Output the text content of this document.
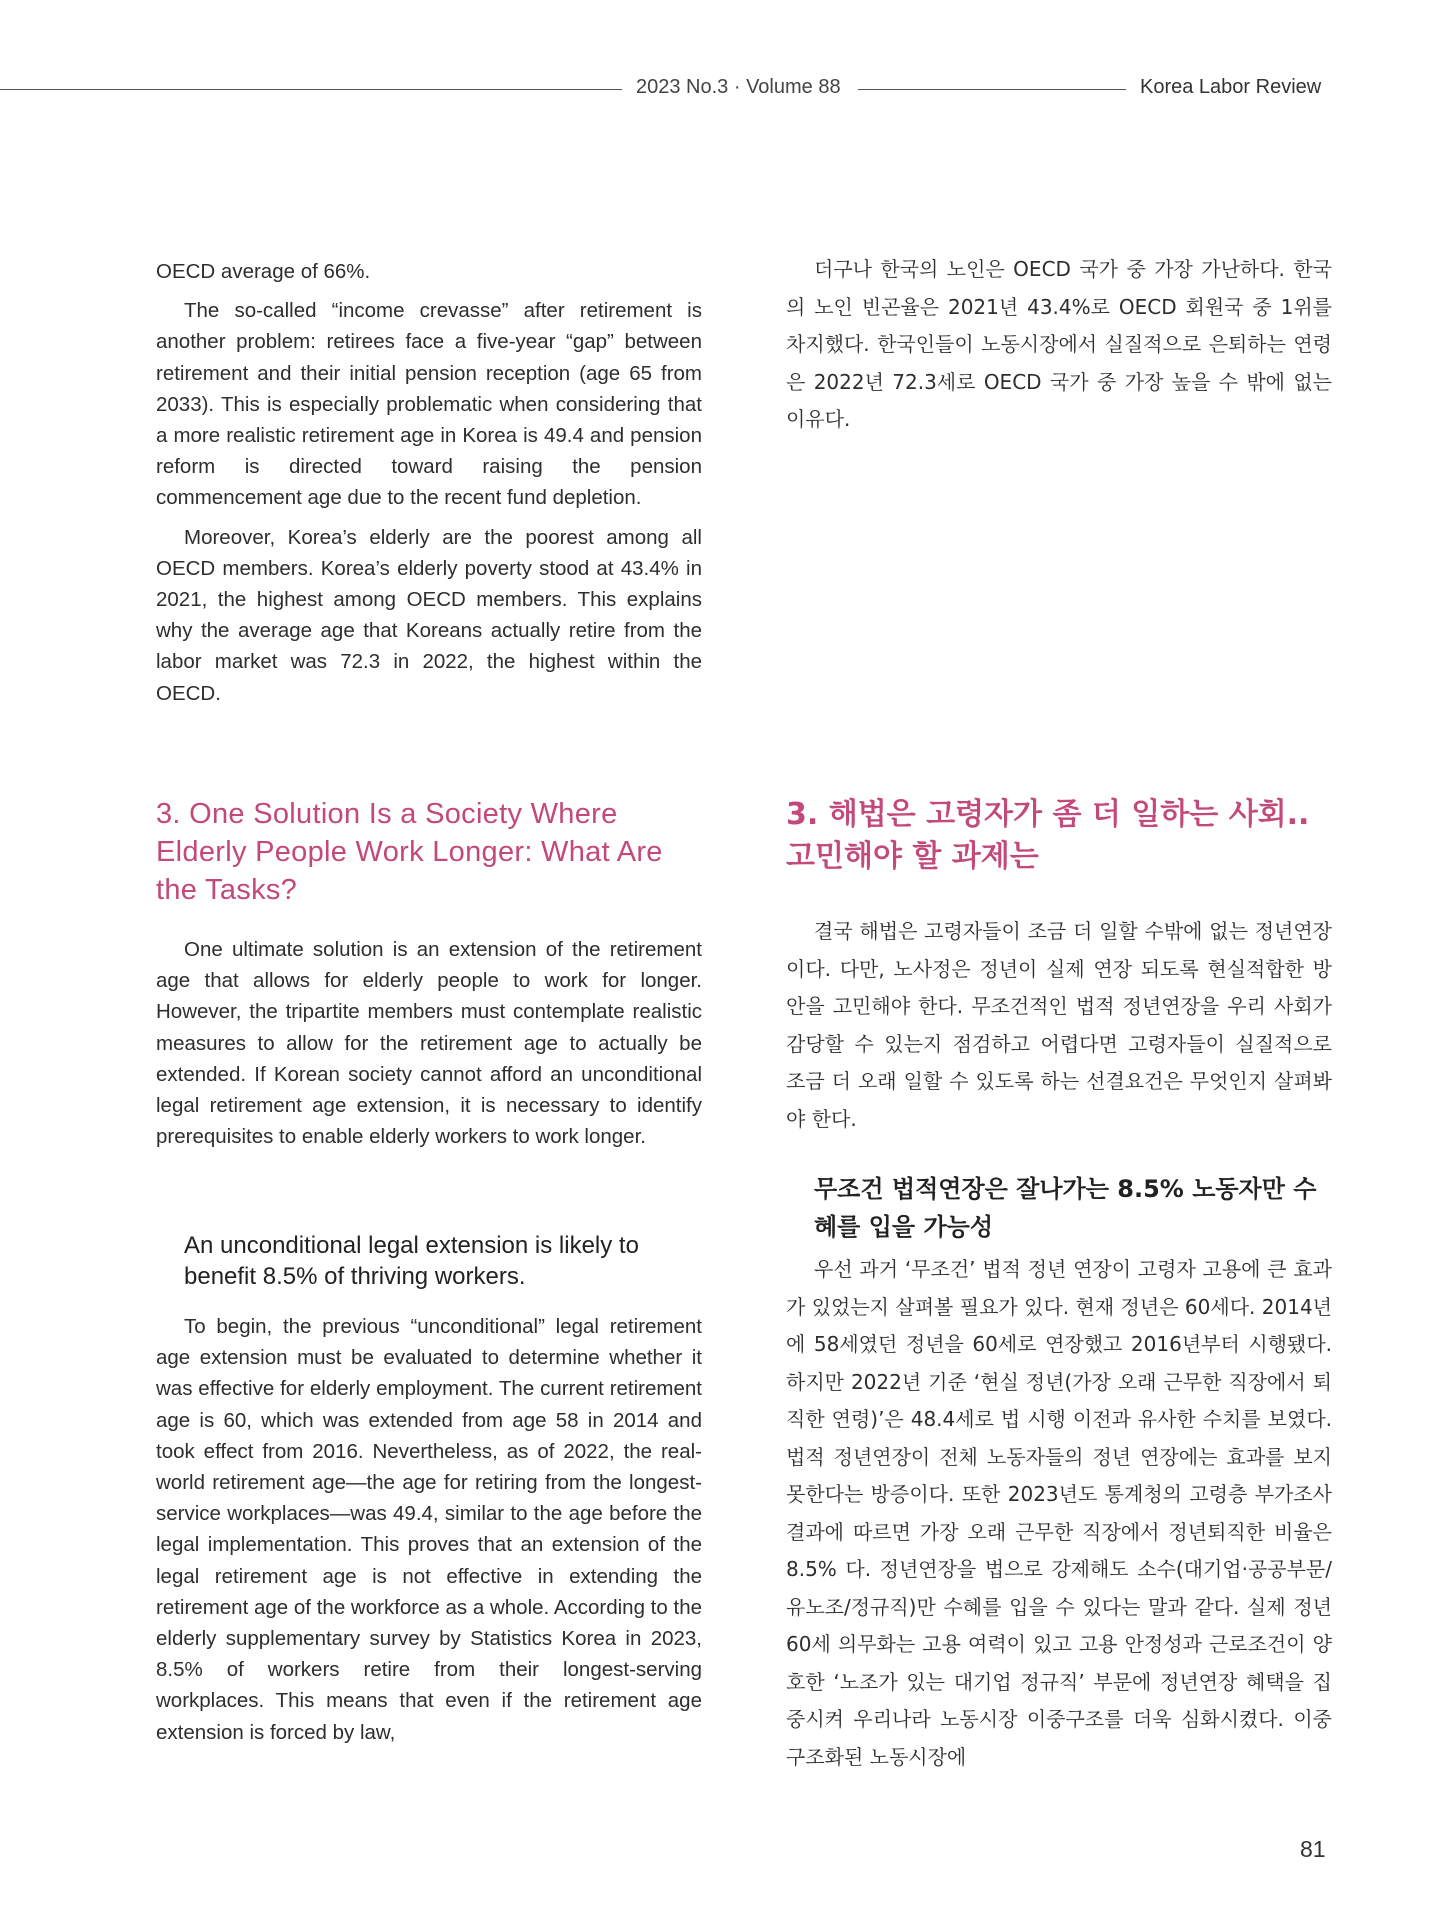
2023 No.3 · Volume 88	Korea Labor Review

OECD average of 66%.

The so-called “income crevasse” after retirement is another problem: retirees face a five-year “gap” between retirement and their initial pension reception (age 65 from 2033). This is especially problematic when considering that a more realistic retirement age in Korea is 49.4 and pension reform is directed toward raising the pension commencement age due to the recent fund depletion.

Moreover, Korea’s elderly are the poorest among all OECD members. Korea’s elderly poverty stood at 43.4% in 2021, the highest among OECD members. This explains why the average age that Koreans actually retire from the labor market was 72.3 in 2022, the highest within the OECD.

3. One Solution Is a Society Where Elderly People Work Longer: What Are the Tasks?

One ultimate solution is an extension of the retirement age that allows for elderly people to work for longer. However, the tripartite members must contemplate realistic measures to allow for the retirement age to actually be extended. If Korean society cannot afford an unconditional legal retirement age extension, it is necessary to identify prerequisites to enable elderly workers to work longer.

An unconditional legal extension is likely to benefit 8.5% of thriving workers.

To begin, the previous “unconditional” legal retirement age extension must be evaluated to determine whether it was effective for elderly employment. The current retirement age is 60, which was extended from age 58 in 2014 and took effect from 2016. Nevertheless, as of 2022, the real-world retirement age—the age for retiring from the longest-service workplaces—was 49.4, similar to the age before the legal implementation. This proves that an extension of the legal retirement age is not effective in extending the retirement age of the workforce as a whole. According to the elderly supplementary survey by Statistics Korea in 2023, 8.5% of workers retire from their longest-serving workplaces. This means that even if the retirement age extension is forced by law,

더구나 한국의 노인은 OECD 국가 중 가장 가난하다. 한국의 노인 빈곤율은 2021년 43.4%로 OECD 회원국 중 1위를 차지했다. 한국인들이 노동시장에서 실질적으로 은퇴하는 연령은 2022년 72.3세로 OECD 국가 중 가장 높을 수 밖에 없는 이유다.

3. 해법은 고령자가 좀 더 일하는 사회.. 고민해야 할 과제는

결국 해법은 고령자들이 조금 더 일할 수밖에 없는 정년연장이다. 다만, 노사정은 정년이 실제 연장 되도록 현실적합한 방안을 고민해야 한다. 무조건적인 법적 정년연장을 우리 사회가 감당할 수 있는지 점검하고 어렵다면 고령자들이 실질적으로 조금 더 오래 일할 수 있도록 하는 선결요건은 무엇인지 살펴봐야 한다.

무조건 법적연장은 잘나가는 8.5% 노동자만 수혜를 입을 가능성

우선 과거 ‘무조건’ 법적 정년 연장이 고령자 고용에 큰 효과가 있었는지 살펴볼 필요가 있다. 현재 정년은 60세다. 2014년에 58세였던 정년을 60세로 연장했고 2016년부터 시행됐다. 하지만 2022년 기준 ‘현실 정년(가장 오래 근무한 직장에서 퇴직한 연령)’은 48.4세로 법 시행 이전과 유사한 수치를 보였다. 법적 정년연장이 전체 노동자들의 정년 연장에는 효과를 보지 못한다는 방증이다. 또한 2023년도 통계청의 고령층 부가조사 결과에 따르면 가장 오래 근무한 직장에서 정년퇴직한 비율은 8.5% 다. 정년연장을 법으로 강제해도 소수(대기업·공공부문/유노조/정규직)만 수혜를 입을 수 있다는 말과 같다. 실제 정년 60세 의무화는 고용 여력이 있고 고용 안정성과 근로조건이 양호한 ‘노조가 있는 대기업 정규직’ 부문에 정년연장 혜택을 집중시켜 우리나라 노동시장 이중구조를 더욱 심화시켰다. 이중구조화된 노동시장에

81
